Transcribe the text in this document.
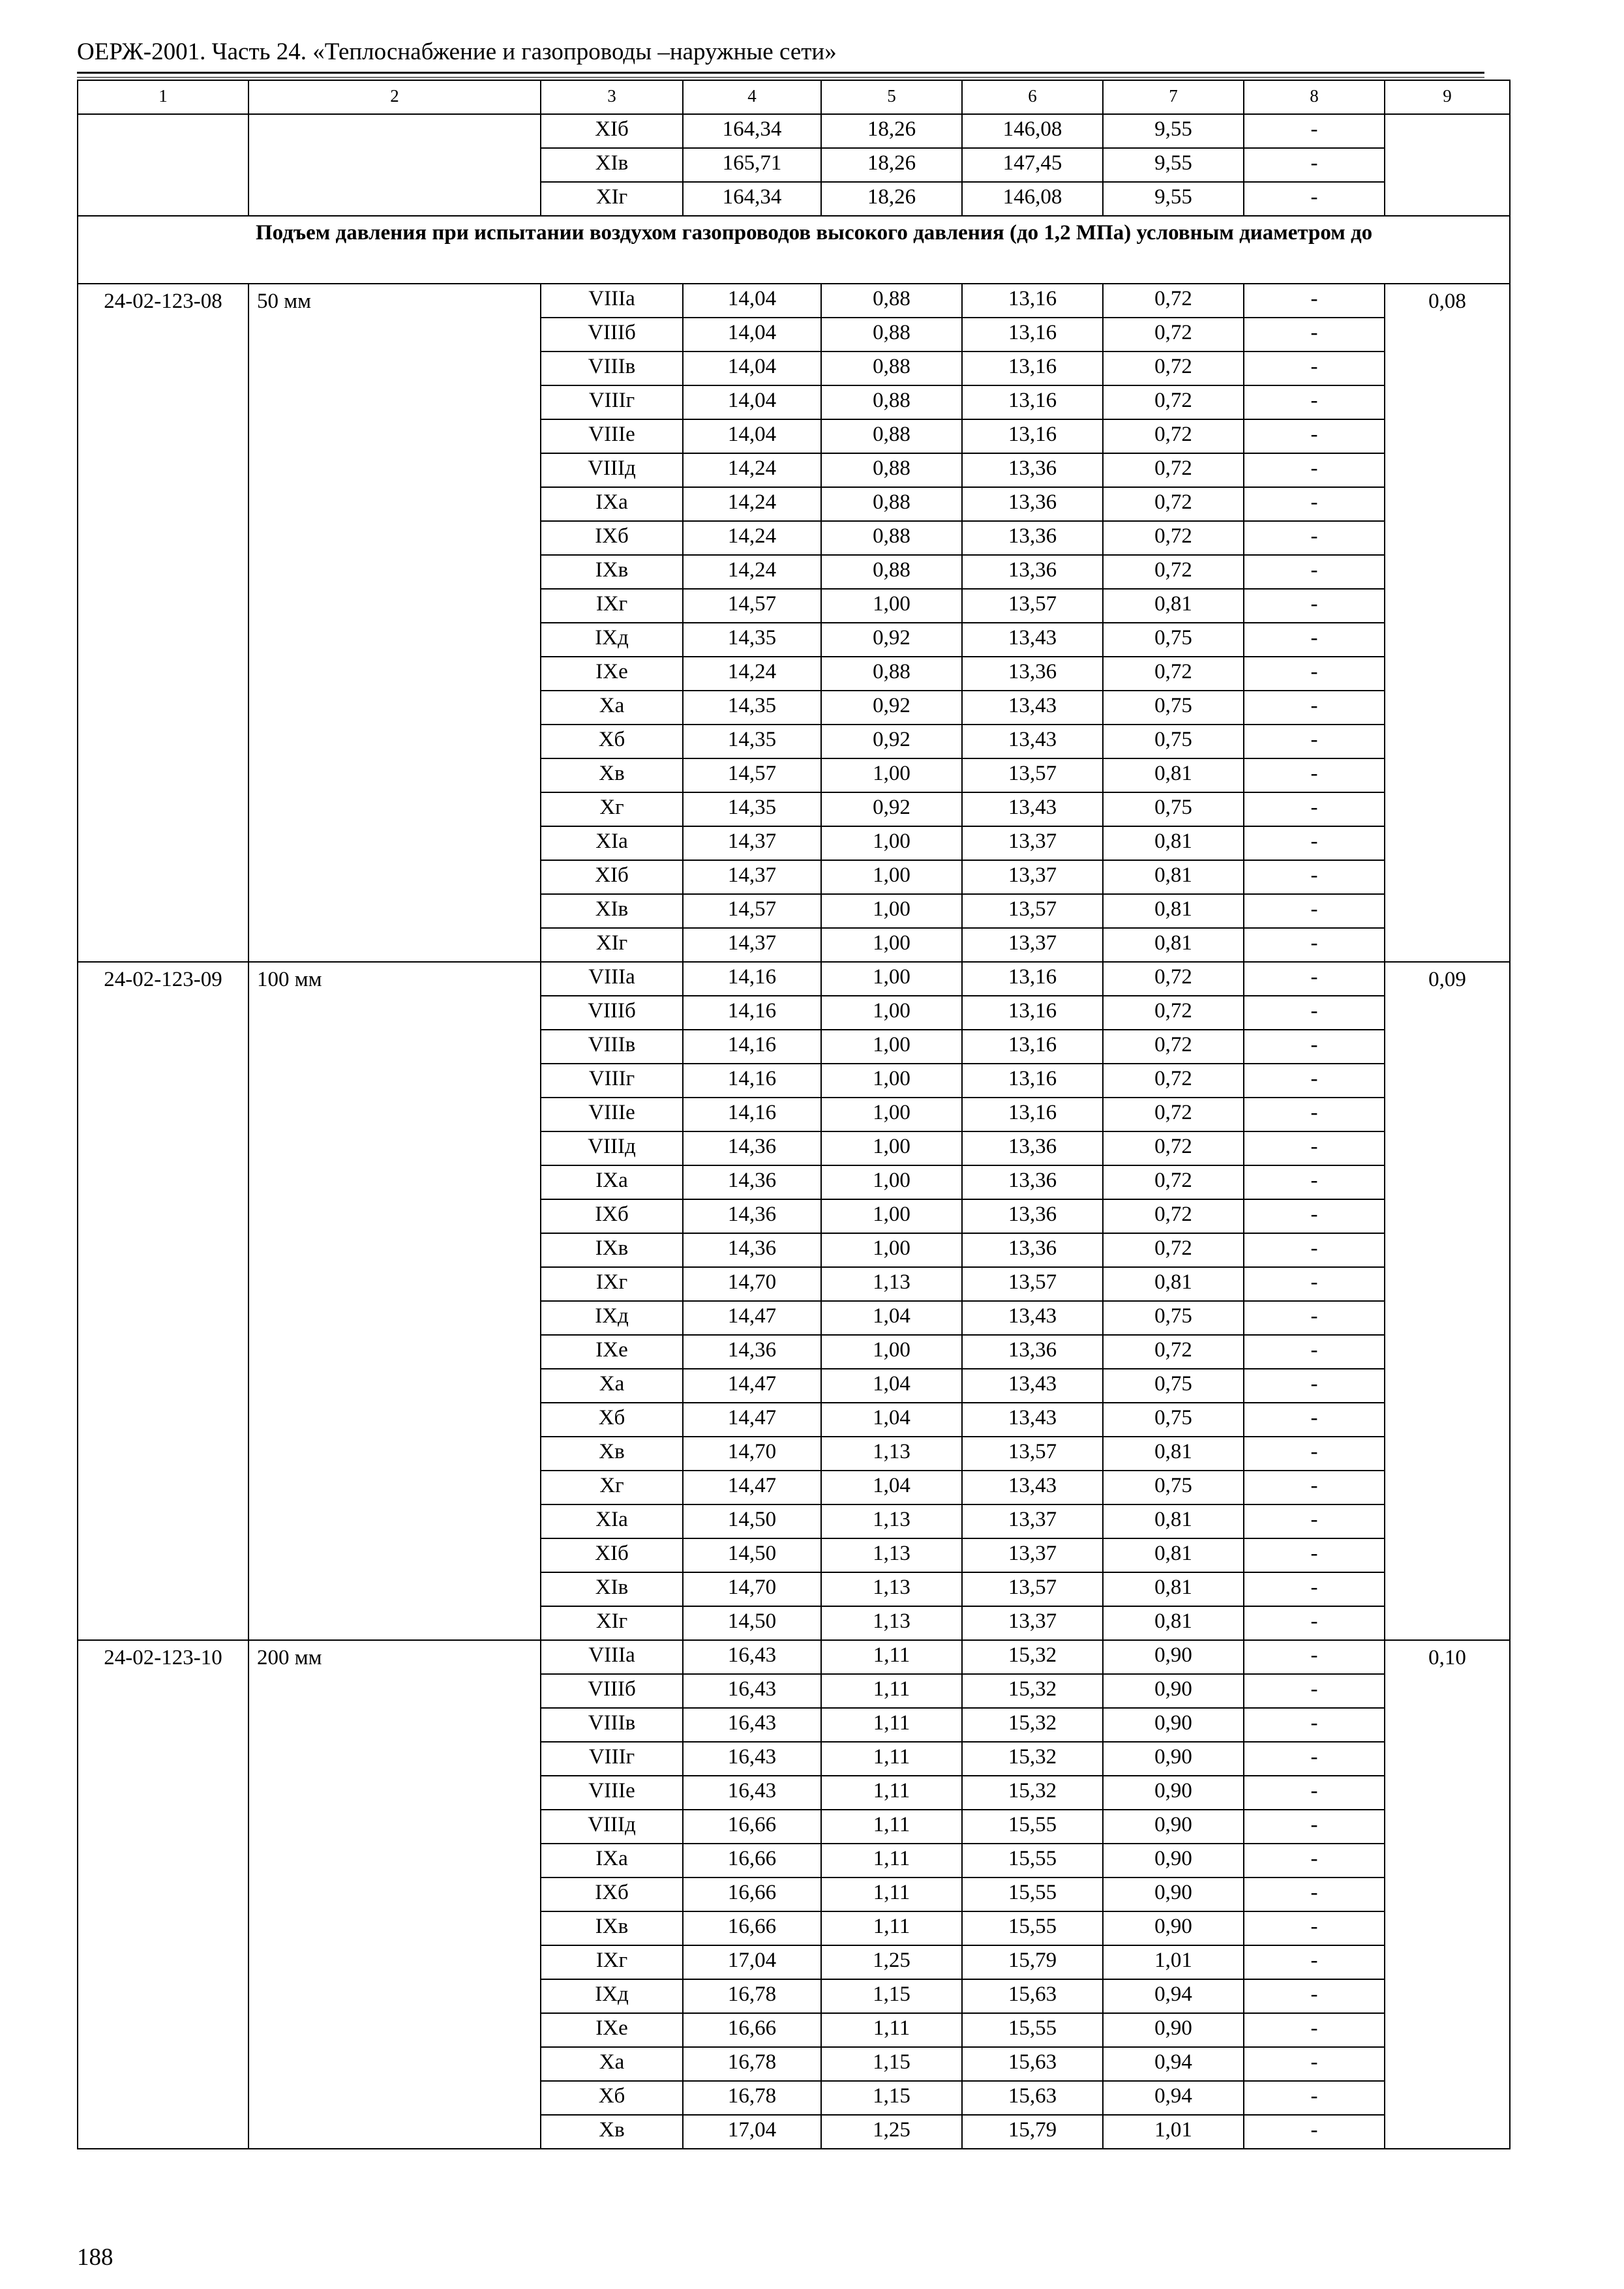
ОЕРЖ-2001. Часть 24. «Теплоснабжение и газопроводы –наружные сети»
1	2	3	4	5	6	7	8	9
		XIб	164,34	18,26	146,08	9,55	-	
		XIв	165,71	18,26	147,45	9,55	-	
		XIг	164,34	18,26	146,08	9,55	-	
Подъем давления при испытании воздухом газопроводов высокого давления (до 1,2 МПа) условным диаметром до								
24-02-123-08	50 мм	VIIIа	14,04	0,88	13,16	0,72	-	0,08
		VIIIб	14,04	0,88	13,16	0,72	-	
		VIIIв	14,04	0,88	13,16	0,72	-	
		VIIIг	14,04	0,88	13,16	0,72	-	
		VIIIе	14,04	0,88	13,16	0,72	-	
		VIIIд	14,24	0,88	13,36	0,72	-	
		IXа	14,24	0,88	13,36	0,72	-	
		IXб	14,24	0,88	13,36	0,72	-	
		IXв	14,24	0,88	13,36	0,72	-	
		IXг	14,57	1,00	13,57	0,81	-	
		IXд	14,35	0,92	13,43	0,75	-	
		IXе	14,24	0,88	13,36	0,72	-	
		Xа	14,35	0,92	13,43	0,75	-	
		Xб	14,35	0,92	13,43	0,75	-	
		Xв	14,57	1,00	13,57	0,81	-	
		Xг	14,35	0,92	13,43	0,75	-	
		XIа	14,37	1,00	13,37	0,81	-	
		XIб	14,37	1,00	13,37	0,81	-	
		XIв	14,57	1,00	13,57	0,81	-	
		XIг	14,37	1,00	13,37	0,81	-	
24-02-123-09	100 мм	VIIIа	14,16	1,00	13,16	0,72	-	0,09
		VIIIб	14,16	1,00	13,16	0,72	-	
		VIIIв	14,16	1,00	13,16	0,72	-	
		VIIIг	14,16	1,00	13,16	0,72	-	
		VIIIе	14,16	1,00	13,16	0,72	-	
		VIIIд	14,36	1,00	13,36	0,72	-	
		IXа	14,36	1,00	13,36	0,72	-	
		IXб	14,36	1,00	13,36	0,72	-	
		IXв	14,36	1,00	13,36	0,72	-	
		IXг	14,70	1,13	13,57	0,81	-	
		IXд	14,47	1,04	13,43	0,75	-	
		IXе	14,36	1,00	13,36	0,72	-	
		Xа	14,47	1,04	13,43	0,75	-	
		Xб	14,47	1,04	13,43	0,75	-	
		Xв	14,70	1,13	13,57	0,81	-	
		Xг	14,47	1,04	13,43	0,75	-	
		XIа	14,50	1,13	13,37	0,81	-	
		XIб	14,50	1,13	13,37	0,81	-	
		XIв	14,70	1,13	13,57	0,81	-	
		XIг	14,50	1,13	13,37	0,81	-	
24-02-123-10	200 мм	VIIIа	16,43	1,11	15,32	0,90	-	0,10
		VIIIб	16,43	1,11	15,32	0,90	-	
		VIIIв	16,43	1,11	15,32	0,90	-	
		VIIIг	16,43	1,11	15,32	0,90	-	
		VIIIе	16,43	1,11	15,32	0,90	-	
		VIIIд	16,66	1,11	15,55	0,90	-	
		IXа	16,66	1,11	15,55	0,90	-	
		IXб	16,66	1,11	15,55	0,90	-	
		IXв	16,66	1,11	15,55	0,90	-	
		IXг	17,04	1,25	15,79	1,01	-	
		IXд	16,78	1,15	15,63	0,94	-	
		IXе	16,66	1,11	15,55	0,90	-	
		Xа	16,78	1,15	15,63	0,94	-	
		Xб	16,78	1,15	15,63	0,94	-	
		Xв	17,04	1,25	15,79	1,01	-	
188
